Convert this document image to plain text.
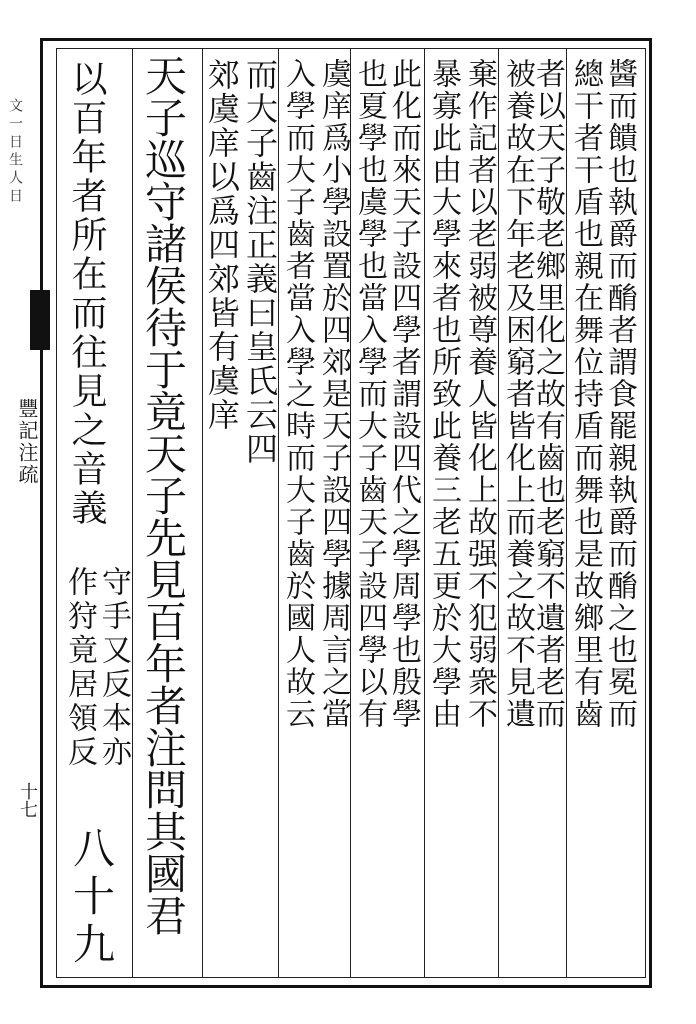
文一日生人日
豐記注疏
十七
醬而饋也執爵而酳者謂食罷親執爵而酳之也冕而
總干者干盾也親在舞位持盾而舞也是故鄉里有齒
者以天子敬老鄉里化之故有齒也老窮不遺者老而
被養故在下年老及困窮者皆化上而養之故不見遺
棄作記者以老弱被尊養人皆化上故强不犯弱衆不
暴寡此由大學來者也所致此養三老五更於大學由
此化而來天子設四學者謂設四代之學周學也殷學
也夏學也虞學也當入學而大子齒天子設四學以有
虞庠爲小學設置於四郊是天子設四學據周言之當
入學而大子齒者當入學之時而大子齒於國人故云
而大子齒注正義曰皇氏云四
郊虞庠以爲四郊皆有虞庠
天子巡守諸侯待于竟天子先見百年者注問其國君
以百年者所在而往見之音義
守手又反本亦
作狩竟居領反
八十九
